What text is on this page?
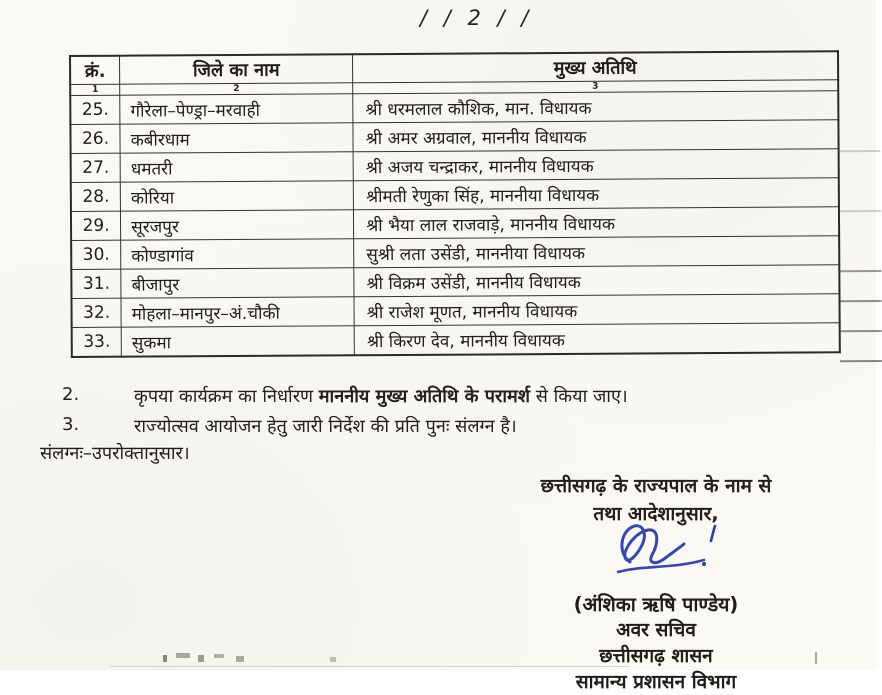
/ / 2 / /
क्रं.	जिले का नाम	मुख्य अतिथि
1	2	3
25.	गौरेला–पेण्ड्रा–मरवाही	श्री धरमलाल कौशिक, मान. विधायक
26.	कबीरधाम	श्री अमर अग्रवाल, माननीय विधायक
27.	धमतरी	श्री अजय चन्द्राकर, माननीय विधायक
28.	कोरिया	श्रीमती रेणुका सिंह, माननीया विधायक
29.	सूरजपुर	श्री भैया लाल राजवाड़े, माननीय विधायक
30.	कोण्डागांव	सुश्री लता उसेंडी, माननीया विधायक
31.	बीजापुर	श्री विक्रम उसेंडी, माननीय विधायक
32.	मोहला–मानपुर–अं.चौकी	श्री राजेश मूणत, माननीय विधायक
33.	सुकमा	श्री किरण देव, माननीय विधायक
2.	कृपया कार्यक्रम का निर्धारण माननीय मुख्य अतिथि के परामर्श से किया जाए।
3.	राज्योत्सव आयोजन हेतु जारी निर्देश की प्रति पुनः संलग्न है।
संलग्नः–उपरोक्तानुसार।
छत्तीसगढ़ के राज्यपाल के नाम से
तथा आदेशानुसार,
(अंशिका ऋषि पाण्डेय)
अवर सचिव
छत्तीसगढ़ शासन
सामान्य प्रशासन विभाग
